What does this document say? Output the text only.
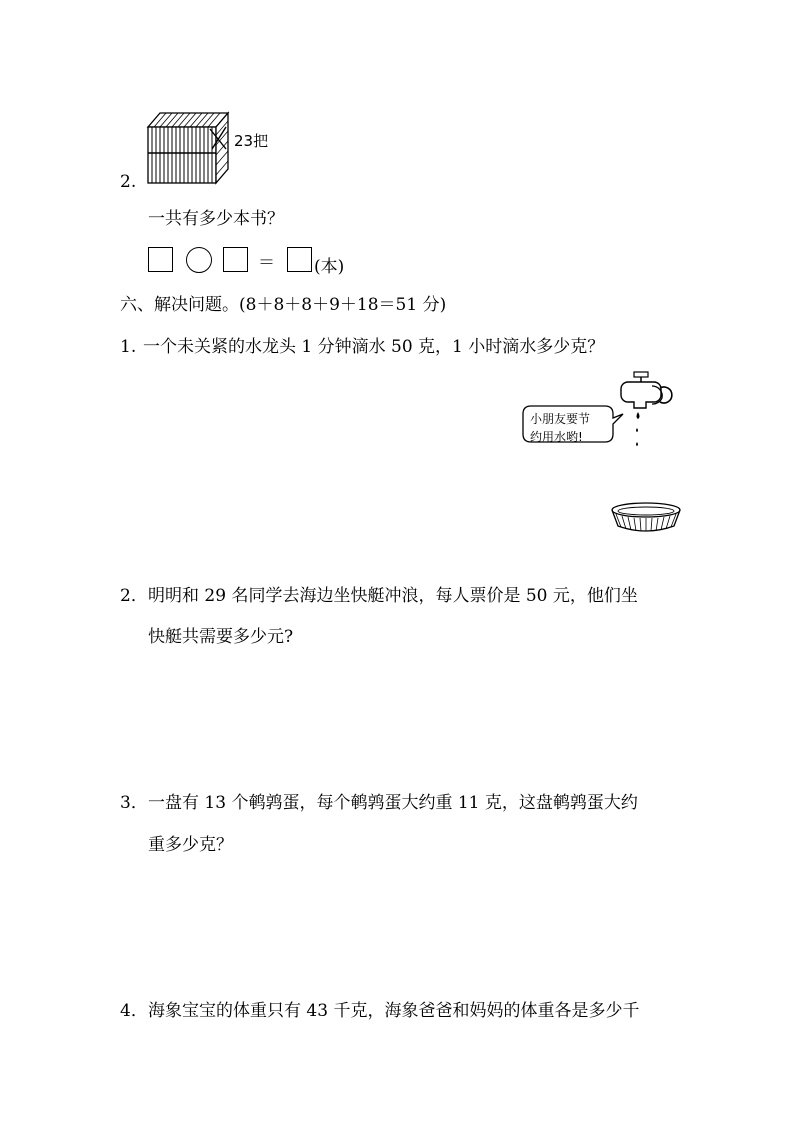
23把
2.
一共有多少本书？
＝ (本)
六、解决问题。(8＋8＋8＋9＋18＝51 分)
1. 一个未关紧的水龙头 1 分钟滴水 50 克，1 小时滴水多少克？
小朋友要节
约用水哟!
2． 明明和 29 名同学去海边坐快艇冲浪，每人票价是 50 元，他们坐
快艇共需要多少元?
3． 一盘有 13 个鹌鹑蛋，每个鹌鹑蛋大约重 11 克，这盘鹌鹑蛋大约
重多少克？
4． 海象宝宝的体重只有 43 千克，海象爸爸和妈妈的体重各是多少千
